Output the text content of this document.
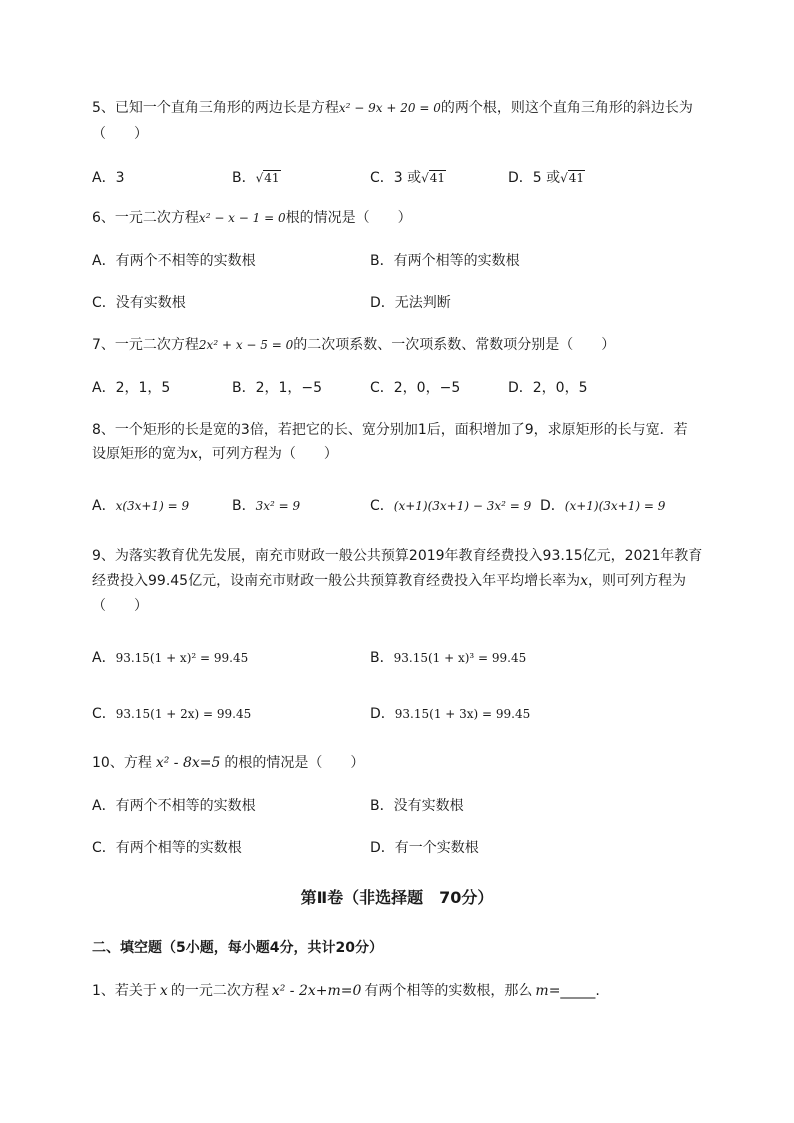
5、已知一个直角三角形的两边长是方程x² − 9x + 20 = 0的两个根，则这个直角三角形的斜边长为
（　　）
A．3	B．√41	C．3 或√41	D．5 或√41
6、一元二次方程x² − x − 1 = 0根的情况是（　　）
A．有两个不相等的实数根	B．有两个相等的实数根
C．没有实数根	D．无法判断
7、一元二次方程2x² + x − 5 = 0的二次项系数、一次项系数、常数项分别是（　　）
A．2，1，5	B．2，1，−5	C．2，0，−5	D．2，0，5
8、一个矩形的长是宽的3倍，若把它的长、宽分别加1后，面积增加了9，求原矩形的长与宽．若
设原矩形的宽为x，可列方程为（　　）
A．x(3x+1) = 9	B．3x² = 9	C．(x+1)(3x+1) − 3x² = 9 D．(x+1)(3x+1) = 9
9、为落实教育优先发展，南充市财政一般公共预算2019年教育经费投入93.15亿元，2021年教育
经费投入99.45亿元，设南充市财政一般公共预算教育经费投入年平均增长率为x，则可列方程为
（　　）
A．93.15(1 + x)² = 99.45	B．93.15(1 + x)³ = 99.45
C．93.15(1 + 2x) = 99.45	D．93.15(1 + 3x) = 99.45
10、方程 x² - 8x=5 的根的情况是（　　）
A．有两个不相等的实数根	B．没有实数根
C．有两个相等的实数根	D．有一个实数根
第Ⅱ卷（非选择题　70分）
二、填空题（5小题，每小题4分，共计20分）
1、若关于 x 的一元二次方程 x² - 2x+m=0 有两个相等的实数根，那么 m=_____.
